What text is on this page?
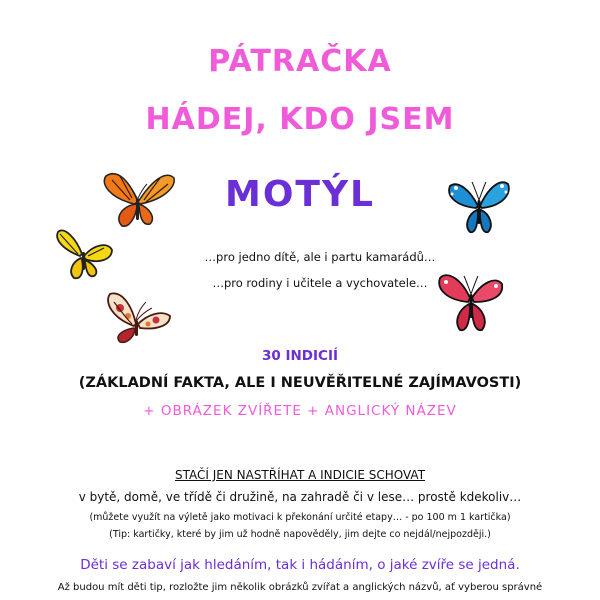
PÁTRAČKA
HÁDEJ, KDO JSEM
MOTÝL
…pro jedno dítě, ale i partu kamarádů…
…pro rodiny i učitele a vychovatele…
30 INDICIÍ
(ZÁKLADNÍ FAKTA, ALE I NEUVĚŘITELNÉ ZAJÍMAVOSTI)
+ OBRÁZEK ZVÍŘETE + ANGLICKÝ NÁZEV
STAČÍ JEN NASTŘÍHAT A INDICIE SCHOVAT
v bytě, domě, ve třídě či družině, na zahradě či v lese… prostě kdekoliv…
(můžete využít na výletě jako motivaci k překonání určité etapy… - po 100 m 1 kartička)
(Tip: kartičky, které by jim už hodně napověděly, jim dejte co nejdál/nejpozději.)
Děti se zabaví jak hledáním, tak i hádáním, o jaké zvíře se jedná.
Až budou mít děti tip, rozložte jim několik obrázků zvířat a anglických názvů, ať vyberou správné
